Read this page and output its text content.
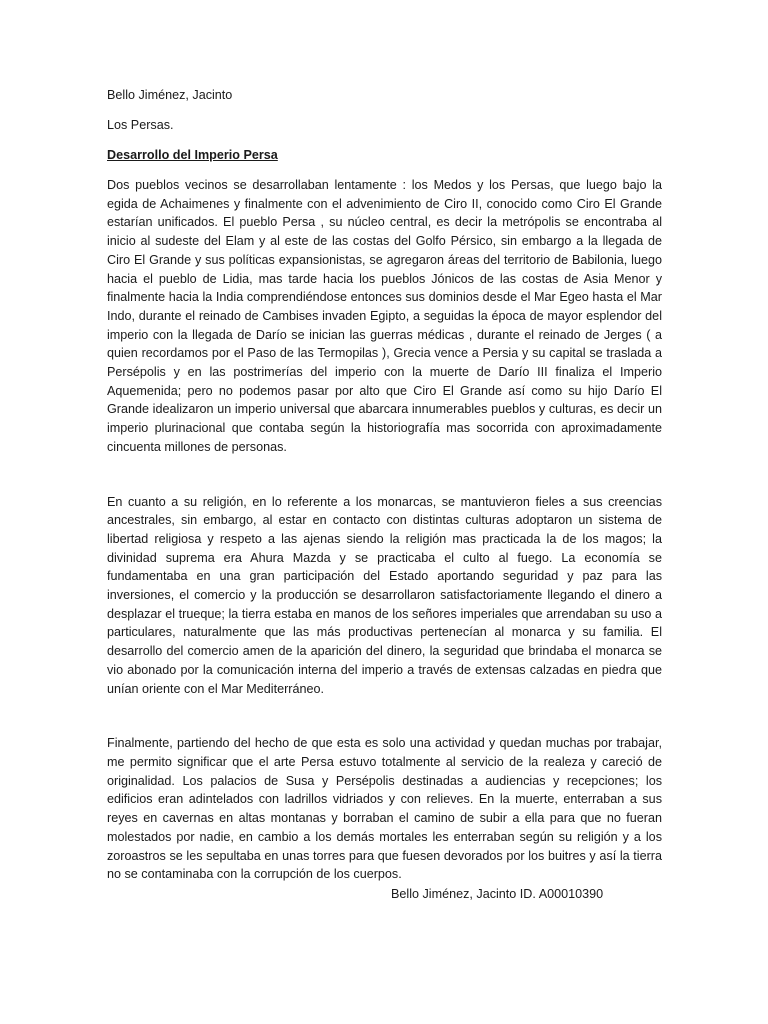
Bello Jiménez, Jacinto

Los Persas.

Desarrollo del Imperio Persa

Dos pueblos vecinos se desarrollaban lentamente : los Medos y los Persas, que luego bajo la egida de Achaimenes y finalmente con el advenimiento de Ciro II, conocido como Ciro El Grande estarían unificados. El pueblo Persa , su núcleo central, es decir la metrópolis se encontraba al inicio al sudeste del Elam y al este de las costas del Golfo Pérsico, sin embargo a la llegada de Ciro El Grande y sus políticas expansionistas, se agregaron áreas del territorio de Babilonia, luego hacia el pueblo de Lidia, mas tarde hacia los pueblos Jónicos de las costas de Asia Menor y finalmente hacia la India comprendiéndose entonces sus dominios desde el Mar Egeo hasta el Mar Indo, durante el reinado de Cambises invaden Egipto, a seguidas la época de mayor esplendor del imperio con la llegada de Darío se inician las guerras médicas , durante el reinado de Jerges ( a quien recordamos por el Paso de las Termopilas ), Grecia vence a Persia y su capital se traslada a Persépolis y en las postrimerías del imperio con la muerte de Darío III finaliza el Imperio Aquemenida; pero no podemos pasar por alto que Ciro El Grande así como su hijo Darío El Grande idealizaron un imperio universal que abarcara innumerables pueblos y culturas, es decir un imperio plurinacional que contaba según la historiografía mas socorrida con aproximadamente cincuenta millones de personas.

En cuanto a su religión, en lo referente a los monarcas, se mantuvieron fieles a sus creencias ancestrales, sin embargo, al estar en contacto con distintas culturas adoptaron un sistema de libertad religiosa y respeto a las ajenas siendo la religión mas practicada la de los magos; la divinidad suprema era Ahura Mazda y se practicaba el culto al fuego. La economía se fundamentaba en una gran participación del Estado aportando seguridad y paz para las inversiones, el comercio y la producción se desarrollaron satisfactoriamente llegando el dinero a desplazar el trueque; la tierra estaba en manos de los señores imperiales que arrendaban su uso a particulares, naturalmente que las más productivas pertenecían al monarca y su familia. El desarrollo del comercio amen de la aparición del dinero, la seguridad que brindaba el monarca se vio abonado por la comunicación interna del imperio a través de extensas calzadas en piedra que unían oriente con el Mar Mediterráneo.

Finalmente, partiendo del hecho de que esta es solo una actividad y quedan muchas por trabajar, me permito significar que el arte Persa estuvo totalmente al servicio de la realeza y careció de originalidad. Los palacios de Susa y Persépolis destinadas a audiencias y recepciones; los edificios eran adintelados con ladrillos vidriados y con relieves. En la muerte, enterraban a sus reyes en cavernas en altas montanas y borraban el camino de subir a ella para que no fueran molestados por nadie, en cambio a los demás mortales les enterraban según su religión y a los zoroastros se les sepultaba en unas torres para que fuesen devorados por los buitres y así la tierra no se contaminaba con la corrupción de los cuerpos.

Bello Jiménez, Jacinto ID. A00010390
